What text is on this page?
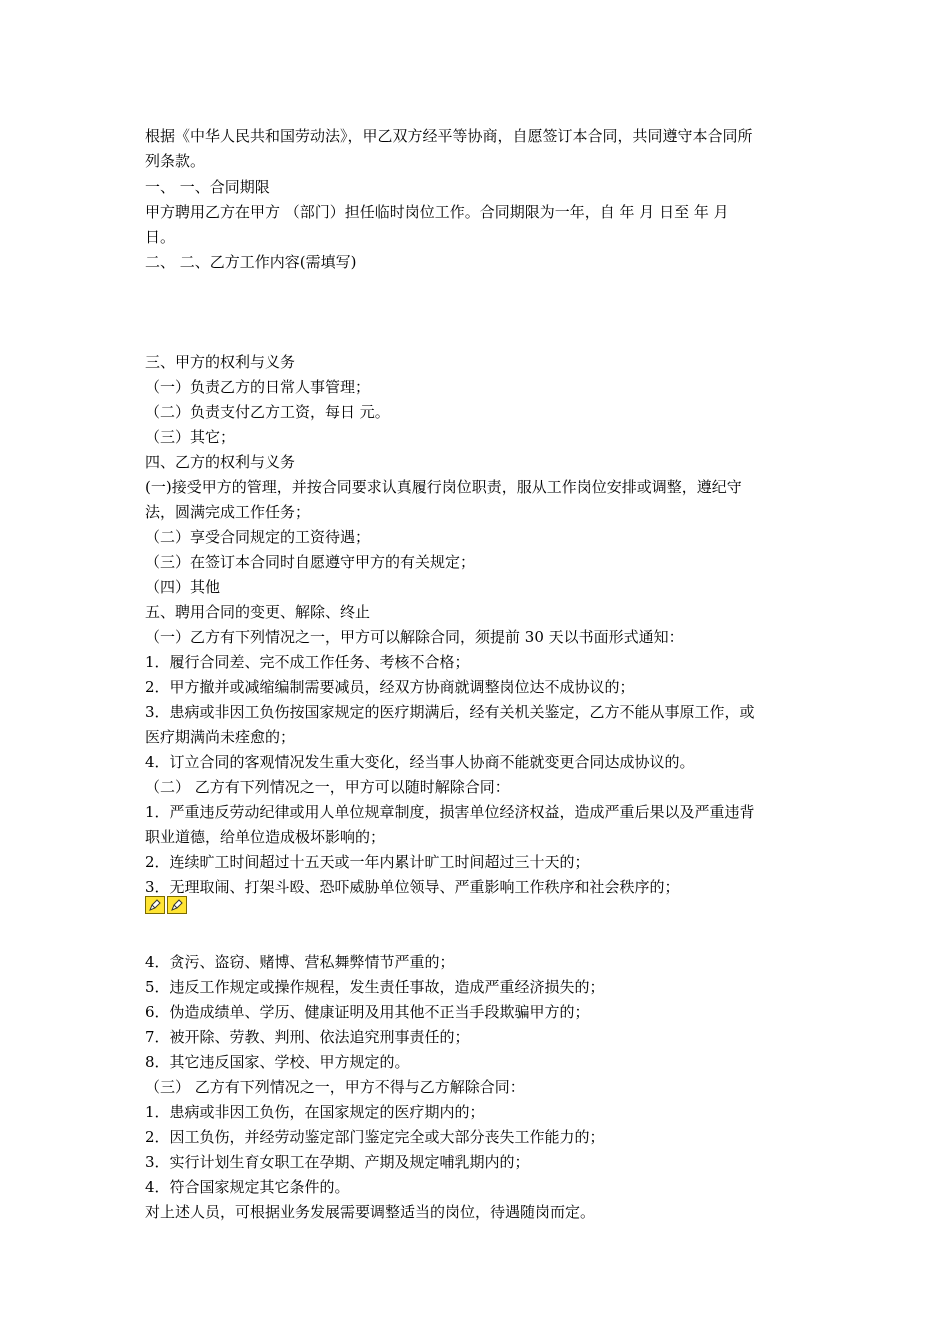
根据《中华人民共和国劳动法》，甲乙双方经平等协商，自愿签订本合同，共同遵守本合同所
列条款。
一、 一、合同期限
甲方聘用乙方在甲方 （部门）担任临时岗位工作。合同期限为一年，自 年 月 日至 年 月
日。
二、 二、乙方工作内容(需填写)
三、甲方的权利与义务
（一）负责乙方的日常人事管理；
（二）负责支付乙方工资，每日 元。
（三）其它；
四、乙方的权利与义务
(一)接受甲方的管理，并按合同要求认真履行岗位职责，服从工作岗位安排或调整，遵纪守
法，圆满完成工作任务；
（二）享受合同规定的工资待遇；
（三）在签订本合同时自愿遵守甲方的有关规定；
（四）其他
五、聘用合同的变更、解除、终止
（一）乙方有下列情况之一，甲方可以解除合同，须提前 30 天以书面形式通知：
1．履行合同差、完不成工作任务、考核不合格；
2．甲方撤并或减缩编制需要减员，经双方协商就调整岗位达不成协议的；
3．患病或非因工负伤按国家规定的医疗期满后，经有关机关鉴定，乙方不能从事原工作，或
医疗期满尚未痊愈的；
4．订立合同的客观情况发生重大变化，经当事人协商不能就变更合同达成协议的。
（二） 乙方有下列情况之一，甲方可以随时解除合同：
1．严重违反劳动纪律或用人单位规章制度，损害单位经济权益，造成严重后果以及严重违背
职业道德，给单位造成极坏影响的；
2．连续旷工时间超过十五天或一年内累计旷工时间超过三十天的；
3．无理取闹、打架斗殴、恐吓威胁单位领导、严重影响工作秩序和社会秩序的；
4．贪污、盗窃、赌博、营私舞弊情节严重的；
5．违反工作规定或操作规程，发生责任事故，造成严重经济损失的；
6．伪造成绩单、学历、健康证明及用其他不正当手段欺骗甲方的；
7．被开除、劳教、判刑、依法追究刑事责任的；
8．其它违反国家、学校、甲方规定的。
（三） 乙方有下列情况之一，甲方不得与乙方解除合同：
1．患病或非因工负伤，在国家规定的医疗期内的；
2．因工负伤，并经劳动鉴定部门鉴定完全或大部分丧失工作能力的；
3．实行计划生育女职工在孕期、产期及规定哺乳期内的；
4．符合国家规定其它条件的。
对上述人员，可根据业务发展需要调整适当的岗位，待遇随岗而定。
